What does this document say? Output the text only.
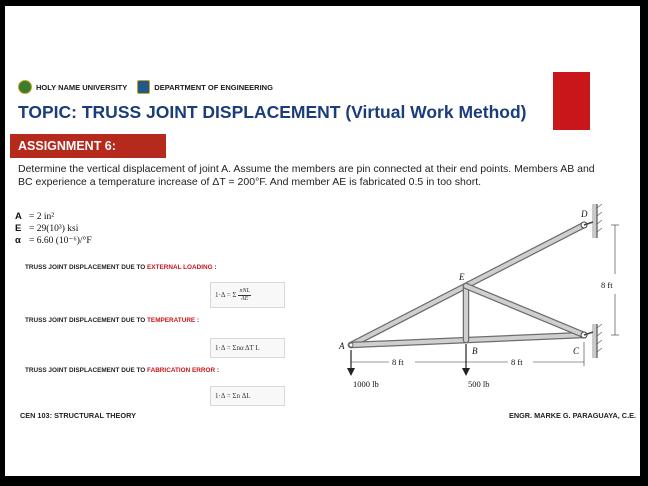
HOLY NAME UNIVERSITY	DEPARTMENT OF ENGINEERING
TOPIC: TRUSS JOINT DISPLACEMENT (Virtual Work Method)
ASSIGNMENT 6:
Determine the vertical displacement of joint A. Assume the members are pin connected at their end points. Members AB and BC experience a temperature increase of ΔT = 200°F. And member AE is fabricated 0.5 in too short.
A = 2 in²
E = 29(10³) ksi
α = 6.60 (10⁻⁶)/°F
TRUSS JOINT DISPLACEMENT DUE TO EXTERNAL LOADING :
1·Δ = Σ $\frac{\text{nNL}}{AE}$
TRUSS JOINT DISPLACEMENT DUE TO TEMPERATURE :
1·Δ = Σnα ΔT L
TRUSS JOINT DISPLACEMENT DUE TO FABRICATION ERROR :
1·Δ = Σn ΔL
D
E
A	B	C
8 ft	8 ft
8 ft
1000 lb	500 lb
CEN 103: STRUCTURAL THEORY	ENGR. MARKE G. PARAGUAYA, C.E.
